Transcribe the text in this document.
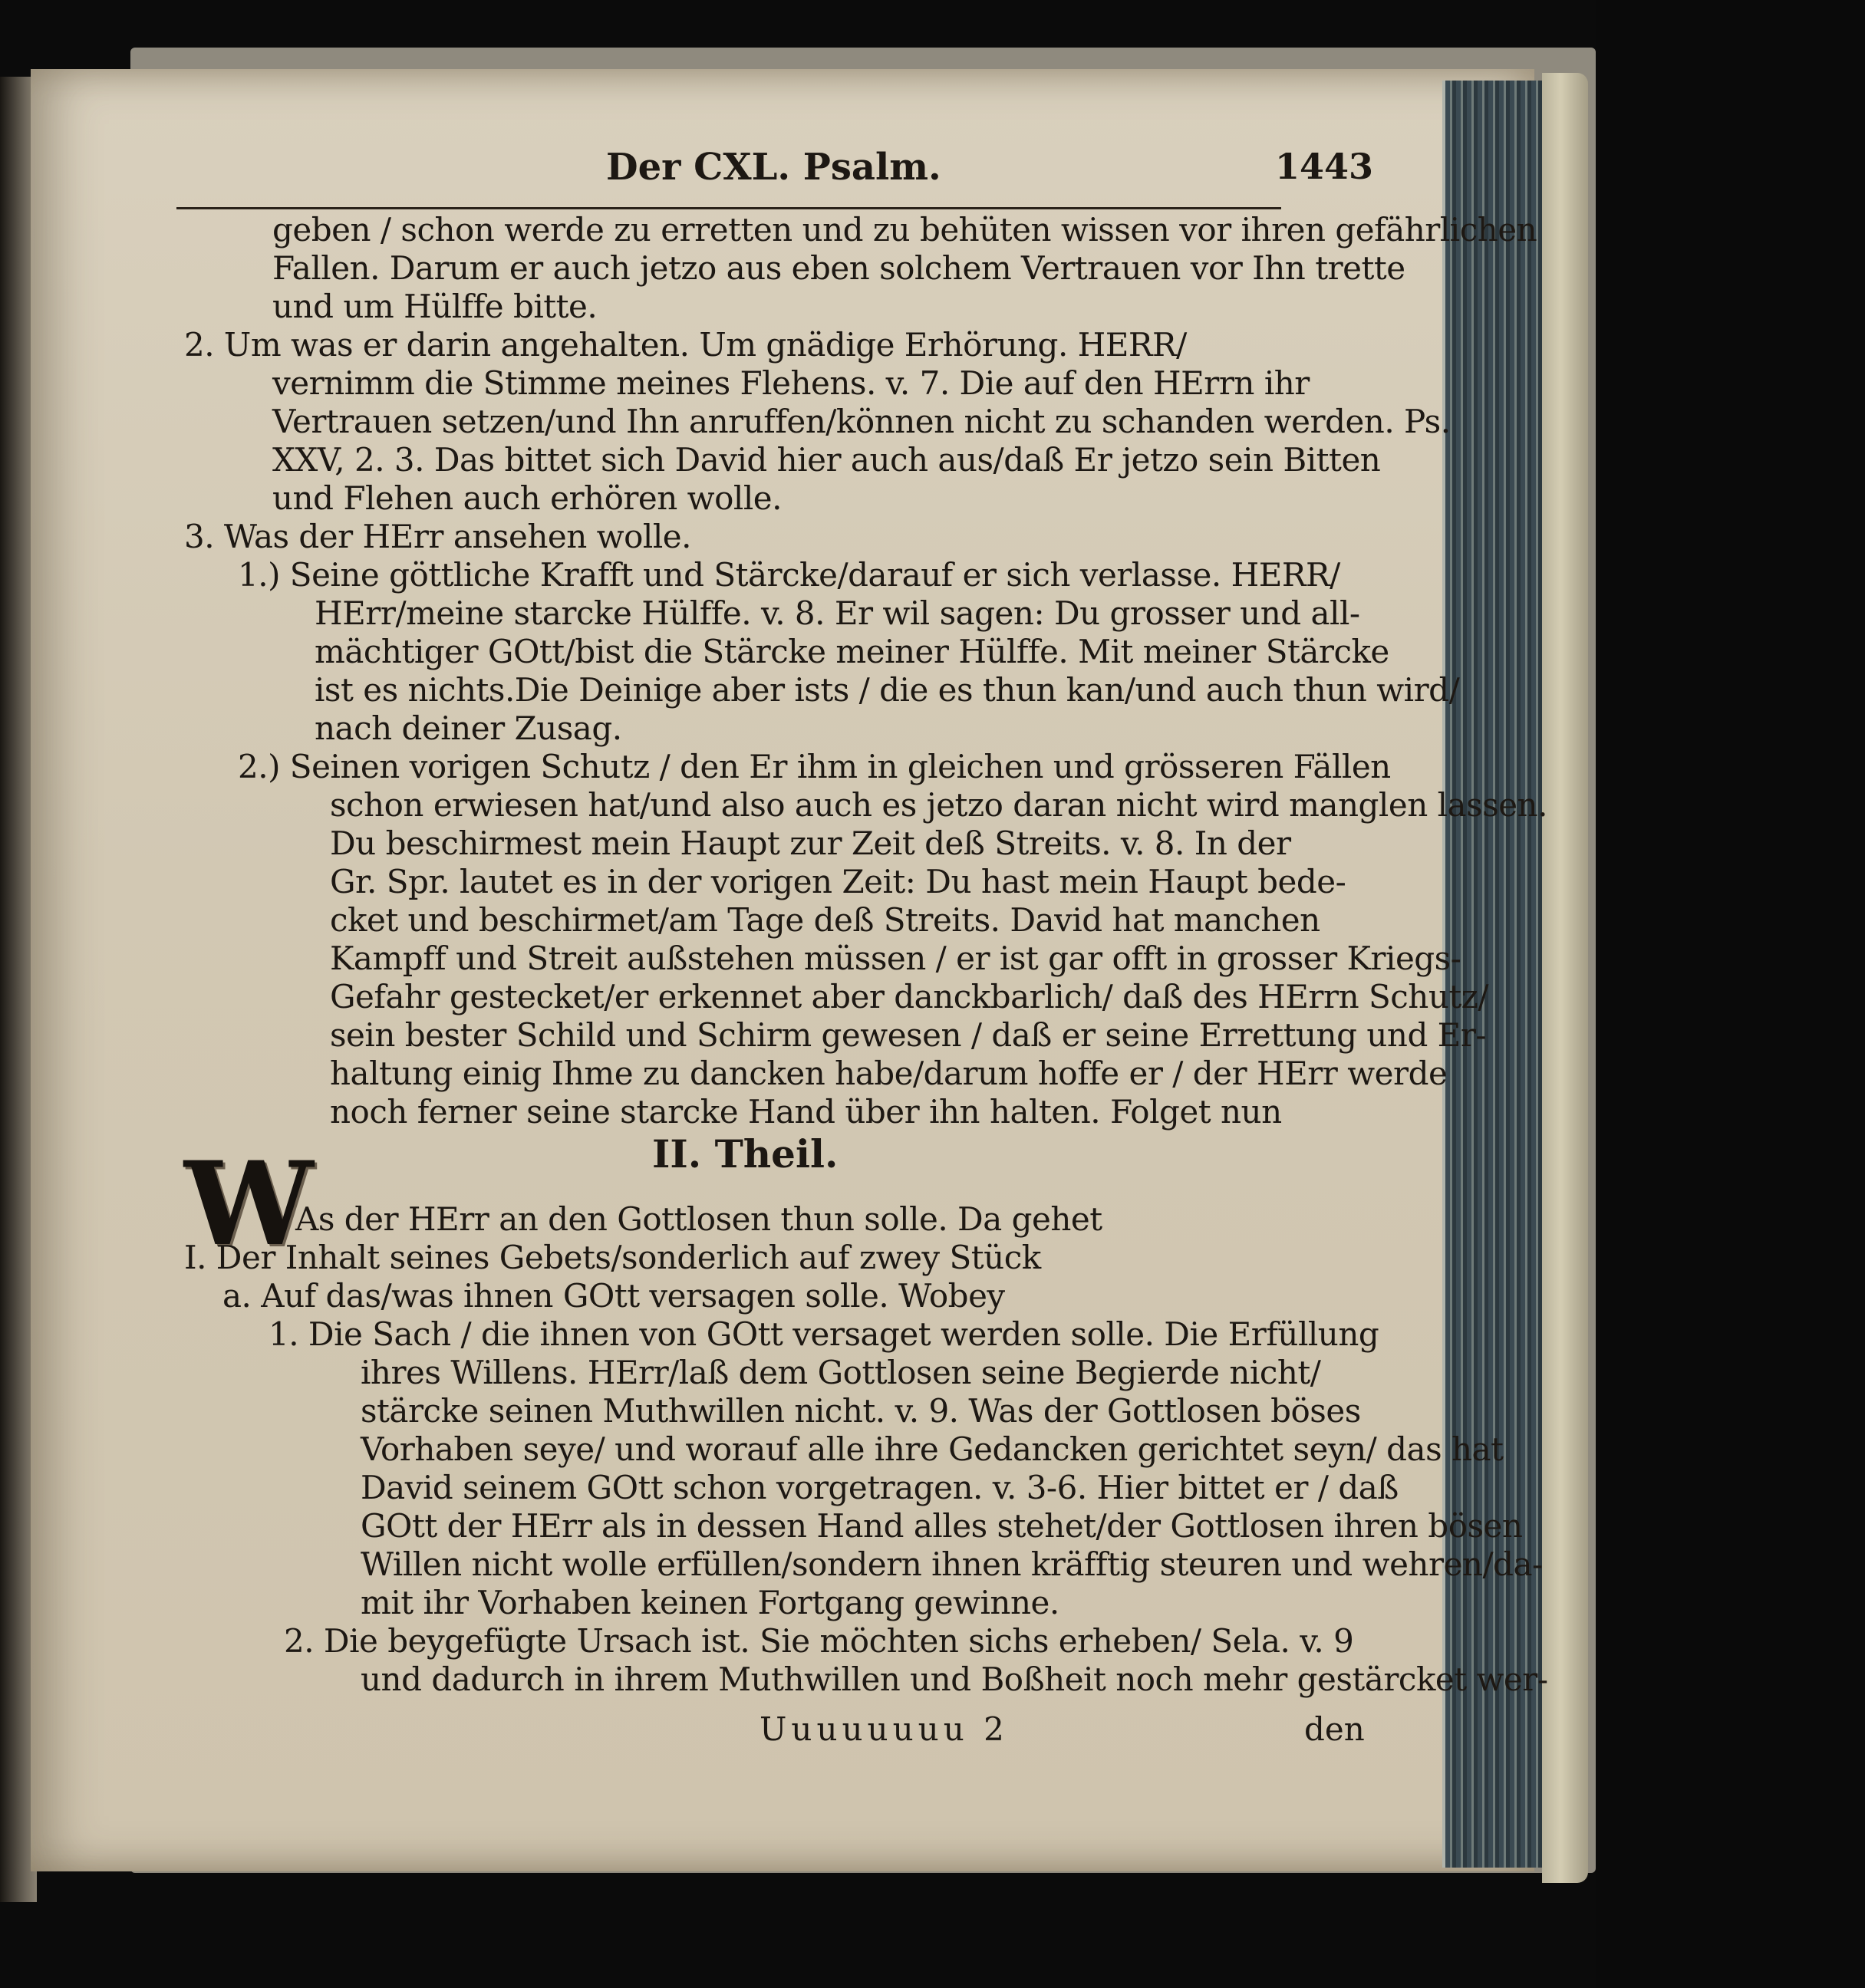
Der CXL. Psalm.	1443
geben / schon werde zu erretten und zu behüten wissen vor ihren gefährlichen
Fallen. Darum er auch jetzo aus eben solchem Vertrauen vor Ihn trette
und um Hülffe bitte.
2. Um was er darin angehalten. Um gnädige Erhörung. HERR/
vernimm die Stimme meines Flehens. v. 7. Die auf den HErrn ihr
Vertrauen setzen/und Ihn anruffen/können nicht zu schanden werden. Ps.
XXV, 2. 3. Das bittet sich David hier auch aus/daß Er jetzo sein Bitten
und Flehen auch erhören wolle.
3. Was der HErr ansehen wolle.
1.) Seine göttliche Krafft und Stärcke/darauf er sich verlasse. HERR/
HErr/meine starcke Hülffe. v. 8. Er wil sagen: Du grosser und all-
mächtiger GOtt/bist die Stärcke meiner Hülffe. Mit meiner Stärcke
ist es nichts.Die Deinige aber ists / die es thun kan/und auch thun wird/
nach deiner Zusag.
2.) Seinen vorigen Schutz / den Er ihm in gleichen und grösseren Fällen
schon erwiesen hat/und also auch es jetzo daran nicht wird manglen lassen.
Du beschirmest mein Haupt zur Zeit deß Streits. v. 8. In der
Gr. Spr. lautet es in der vorigen Zeit: Du hast mein Haupt bede-
cket und beschirmet/am Tage deß Streits. David hat manchen
Kampff und Streit außstehen müssen / er ist gar offt in grosser Kriegs-
Gefahr gestecket/er erkennet aber danckbarlich/ daß des HErrn Schutz/
sein bester Schild und Schirm gewesen / daß er seine Errettung und Er-
haltung einig Ihme zu dancken habe/darum hoffe er / der HErr werde
noch ferner seine starcke Hand über ihn halten. Folget nun
II. Theil.
W
As der HErr an den Gottlosen thun solle. Da gehet
I. Der Inhalt seines Gebets/sonderlich auf zwey Stück
a. Auf das/was ihnen GOtt versagen solle. Wobey
1. Die Sach / die ihnen von GOtt versaget werden solle. Die Erfüllung
ihres Willens. HErr/laß dem Gottlosen seine Begierde nicht/
stärcke seinen Muthwillen nicht. v. 9. Was der Gottlosen böses
Vorhaben seye/ und worauf alle ihre Gedancken gerichtet seyn/ das hat
David seinem GOtt schon vorgetragen. v. 3-6. Hier bittet er / daß
GOtt der HErr als in dessen Hand alles stehet/der Gottlosen ihren bösen
Willen nicht wolle erfüllen/sondern ihnen kräfftig steuren und wehren/da-
mit ihr Vorhaben keinen Fortgang gewinne.
2. Die beygefügte Ursach ist. Sie möchten sichs erheben/ Sela. v. 9
und dadurch in ihrem Muthwillen und Boßheit noch mehr gestärcket wer-
Uuuuuuuu 2	den
